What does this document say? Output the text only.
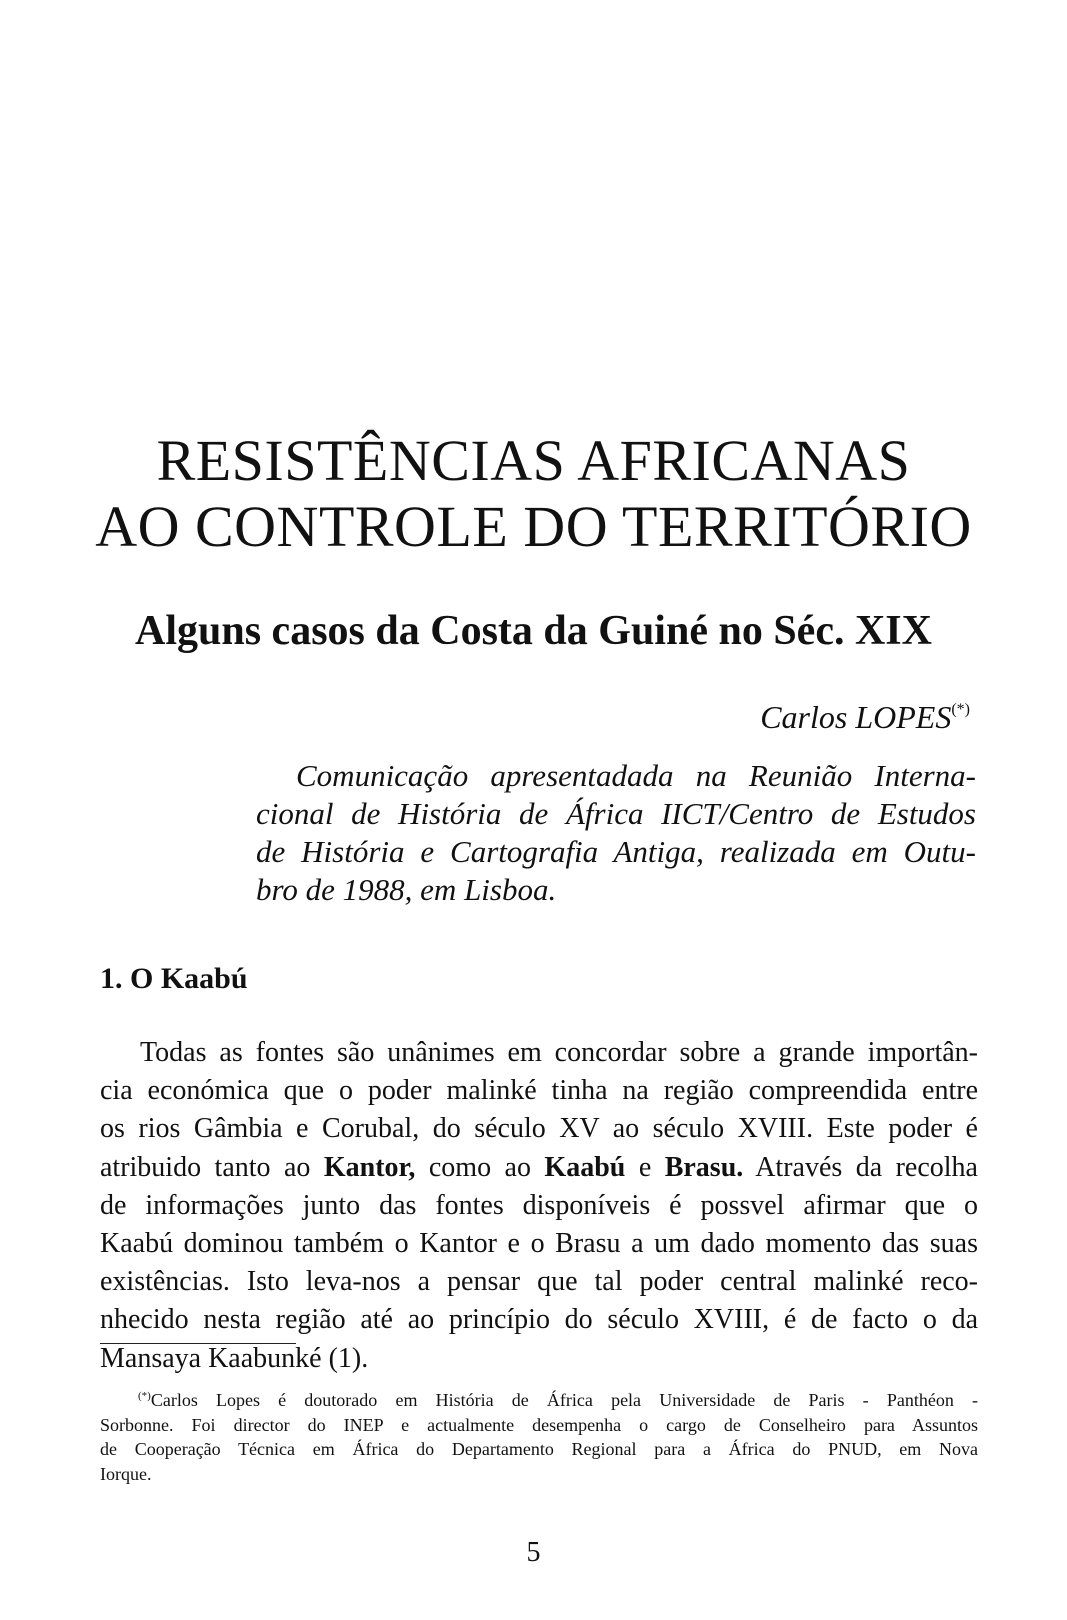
RESISTÊNCIAS AFRICANAS
AO CONTROLE DO TERRITÓRIO
Alguns casos da Costa da Guiné no Séc. XIX

Carlos LOPES(*)

Comunicação apresentadada na Reunião Interna-
cional de História de África IICT/Centro de Estudos
de História e Cartografia Antiga, realizada em Outu-
bro de 1988, em Lisboa.
1. O Kaabú
Todas as fontes são unânimes em concordar sobre a grande importân-
cia económica que o poder malinké tinha na região compreendida entre
os rios Gâmbia e Corubal, do século XV ao século XVIII. Este poder é
atribuido tanto ao Kantor, como ao Kaabú e Brasu. Através da recolha
de informações junto das fontes disponíveis é possvel afirmar que o
Kaabú dominou também o Kantor e o Brasu a um dado momento das suas
existências. Isto leva-nos a pensar que tal poder central malinké reco-
nhecido nesta região até ao princípio do século XVIII, é de facto o da
Mansaya Kaabunké (1).
(*)Carlos Lopes é doutorado em História de África pela Universidade de Paris - Panthéon -
Sorbonne. Foi director do INEP e actualmente desempenha o cargo de Conselheiro para Assuntos
de Cooperação Técnica em África do Departamento Regional para a África do PNUD, em Nova
Iorque.

5
